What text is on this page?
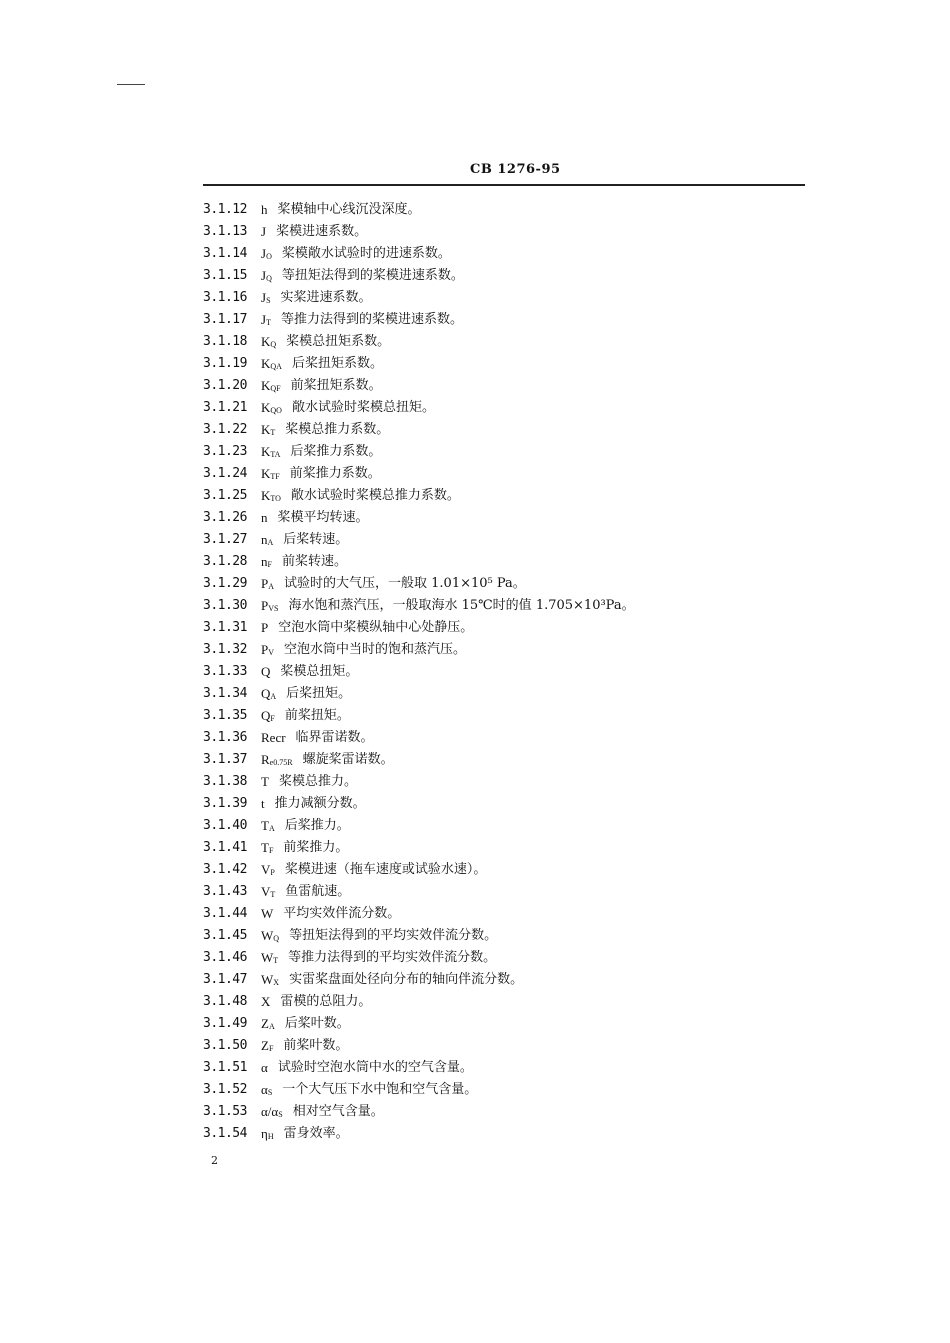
CB 1276-95
3.1.12	h 桨模轴中心线沉没深度。
3.1.13	J 桨模进速系数。
3.1.14	$J_O$ 桨模敞水试验时的进速系数。
3.1.15	$J_Q$ 等扭矩法得到的桨模进速系数。
3.1.16	$J_S$ 实桨进速系数。
3.1.17	$J_T$ 等推力法得到的桨模进速系数。
3.1.18	$K_Q$ 桨模总扭矩系数。
3.1.19	$K_{QA}$ 后桨扭矩系数。
3.1.20	$K_{QF}$ 前桨扭矩系数。
3.1.21	$K_{QO}$ 敞水试验时桨模总扭矩。
3.1.22	$K_T$ 桨模总推力系数。
3.1.23	$K_{TA}$ 后桨推力系数。
3.1.24	$K_{TF}$ 前桨推力系数。
3.1.25	$K_{TO}$ 敞水试验时桨模总推力系数。
3.1.26	n 桨模平均转速。
3.1.27	$n_A$ 后桨转速。
3.1.28	$n_F$ 前桨转速。
3.1.29	$P_A$ 试验时的大气压，一般取 1.01×10⁵ Pa。
3.1.30	$P_{VS}$ 海水饱和蒸汽压，一般取海水 15℃时的值 1.705×10³Pa。
3.1.31	P 空泡水筒中桨模纵轴中心处静压。
3.1.32	$P_V$ 空泡水筒中当时的饱和蒸汽压。
3.1.33	Q 桨模总扭矩。
3.1.34	$Q_A$ 后桨扭矩。
3.1.35	$Q_F$ 前桨扭矩。
3.1.36	Recr 临界雷诺数。
3.1.37	$R_{e0.75R}$ 螺旋桨雷诺数。
3.1.38	T 桨模总推力。
3.1.39	t 推力减额分数。
3.1.40	$T_A$ 后桨推力。
3.1.41	$T_F$ 前桨推力。
3.1.42	$V_P$ 桨模进速（拖车速度或试验水速）。
3.1.43	$V_T$ 鱼雷航速。
3.1.44	W 平均实效伴流分数。
3.1.45	$W_Q$ 等扭矩法得到的平均实效伴流分数。
3.1.46	$W_T$ 等推力法得到的平均实效伴流分数。
3.1.47	$W_X$ 实雷桨盘面处径向分布的轴向伴流分数。
3.1.48	X 雷模的总阻力。
3.1.49	$Z_A$ 后桨叶数。
3.1.50	$Z_F$ 前桨叶数。
3.1.51	α 试验时空泡水筒中水的空气含量。
3.1.52	$\alpha_S$ 一个大气压下水中饱和空气含量。
3.1.53	$\alpha/\alpha_S$ 相对空气含量。
3.1.54	$\eta_H$ 雷身效率。
2
